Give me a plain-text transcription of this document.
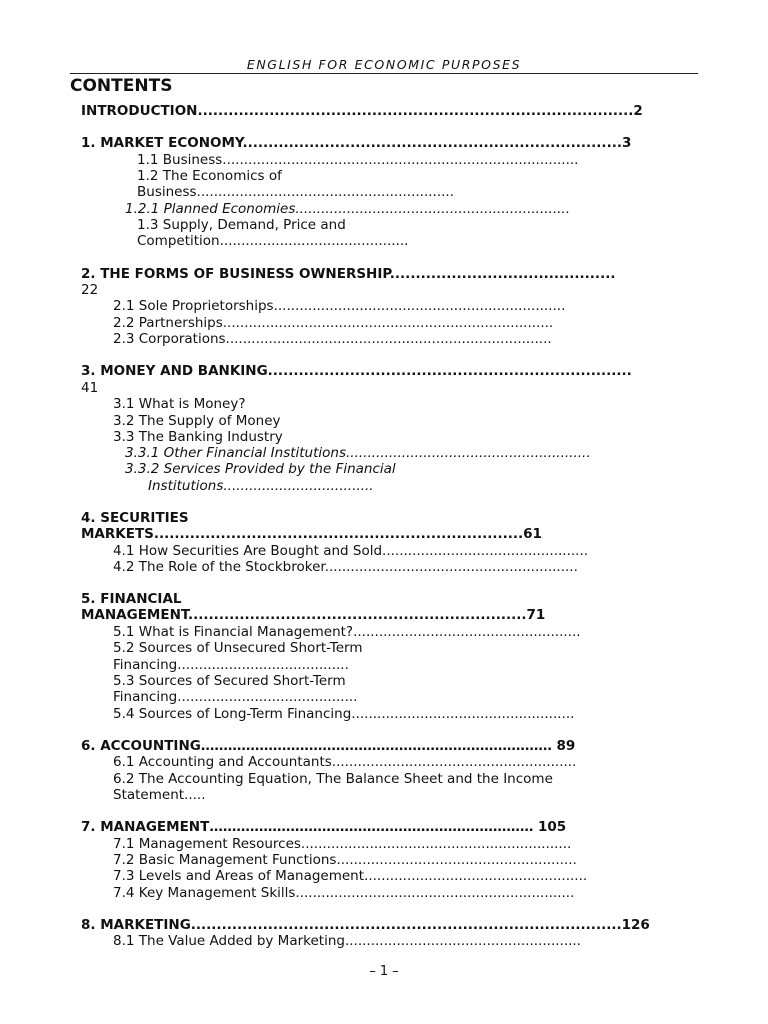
ENGLISH FOR ECONOMIC PURPOSES
CONTENTS
INTRODUCTION.....................................................................................2
1. MARKET ECONOMY..........................................................................3
1.1 Business...................................................................................
1.2 The Economics of
Business............................................................
1.2.1 Planned Economies................................................................
1.3 Supply, Demand, Price and
Competition............................................
2. THE FORMS OF BUSINESS OWNERSHIP............................................
22
2.1 Sole Proprietorships....................................................................
2.2 Partnerships.............................................................................
2.3 Corporations............................................................................
3. MONEY AND BANKING.......................................................................
41
3.1 What is Money?
3.2 The Supply of Money
3.3 The Banking Industry
3.3.1 Other Financial Institutions.........................................................
3.3.2 Services Provided by the Financial
Institutions...................................
4. SECURITIES
MARKETS........................................................................61
4.1 How Securities Are Bought and Sold................................................
4.2 The Role of the Stockbroker...........................................................
5. FINANCIAL
MANAGEMENT..................................................................71
5.1 What is Financial Management?.....................................................
5.2 Sources of Unsecured Short-Term
Financing........................................
5.3 Sources of Secured Short-Term
Financing..........................................
5.4 Sources of Long-Term Financing....................................................
6. ACCOUNTING…………………………………………………………………… 89
6.1 Accounting and Accountants.........................................................
6.2 The Accounting Equation, The Balance Sheet and the Income
Statement.....
7. MANAGEMENT……………………………………………………………… 105
7.1 Management Resources...............................................................
7.2 Basic Management Functions........................................................
7.3 Levels and Areas of Management....................................................
7.4 Key Management Skills.................................................................
8. MARKETING....................................................................................126
8.1 The Value Added by Marketing.......................................................
– 1 –
